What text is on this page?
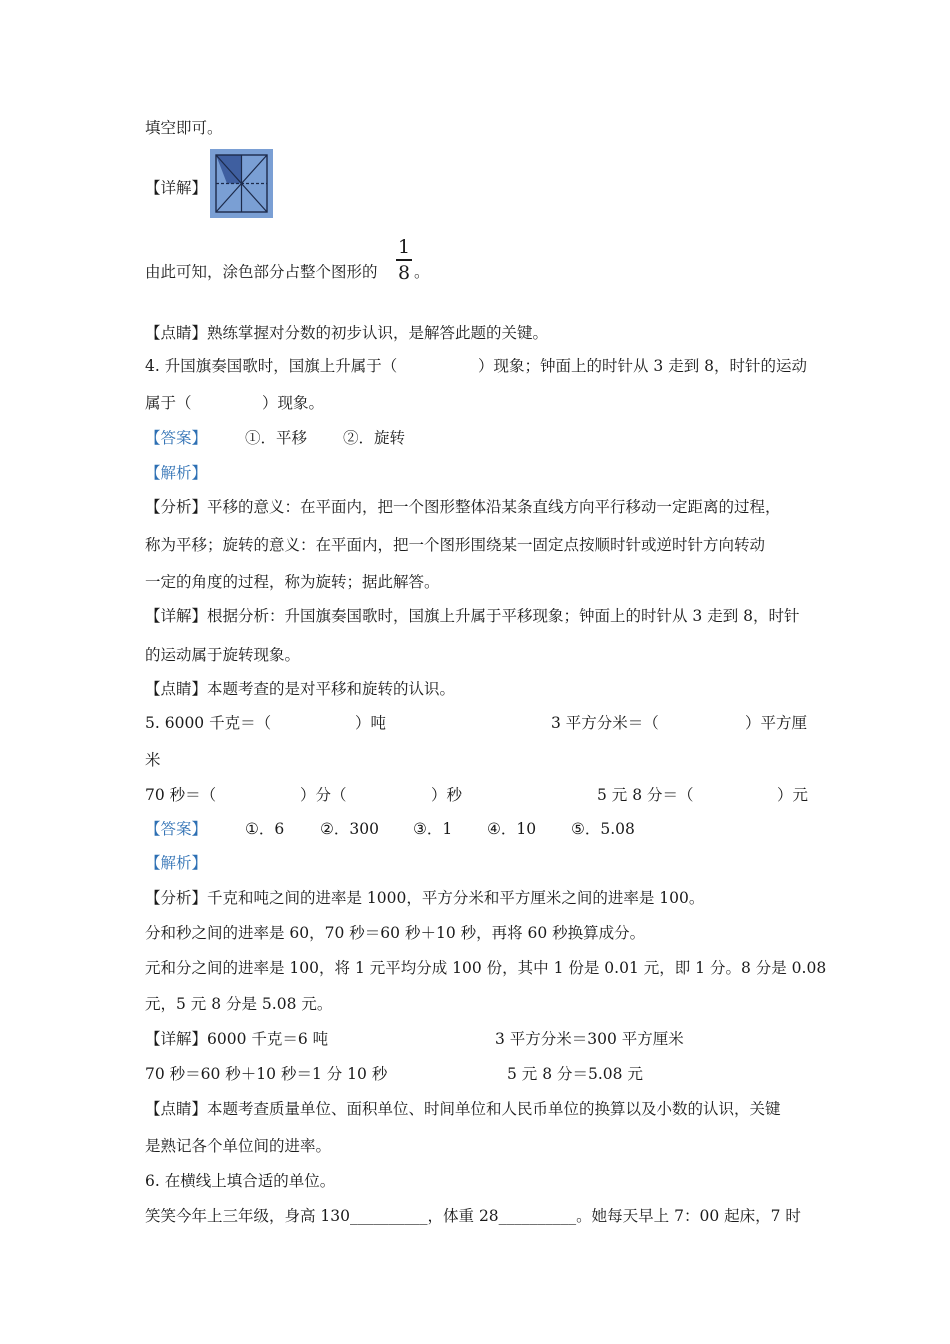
填空即可。
【详解】
由此可知，涂色部分占整个图形的
1
8 。
【点睛】熟练掌握对分数的初步认识，是解答此题的关键。
4. 升国旗奏国歌时，国旗上升属于（	）现象；钟面上的时针从 3 走到 8，时针的运动
属于（	）现象。
【答案】 ①．平移 ②．旋转
【解析】
【分析】平移的意义：在平面内，把一个图形整体沿某条直线方向平行移动一定距离的过程，
称为平移；旋转的意义：在平面内，把一个图形围绕某一固定点按顺时针或逆时针方向转动
一定的角度的过程，称为旋转；据此解答。
【详解】根据分析：升国旗奏国歌时，国旗上升属于平移现象；钟面上的时针从 3 走到 8，时针
的运动属于旋转现象。
【点睛】本题考查的是对平移和旋转的认识。
5. 6000 千克＝（	）吨	3 平方分米＝（	）平方厘
米
70 秒＝（	）分（	）秒	5 元 8 分＝（	）元
【答案】 ①．6 ②．300 ③．1 ④．10 ⑤．5.08
【解析】
【分析】千克和吨之间的进率是 1000，平方分米和平方厘米之间的进率是 100。
分和秒之间的进率是 60，70 秒＝60 秒＋10 秒，再将 60 秒换算成分。
元和分之间的进率是 100，将 1 元平均分成 100 份，其中 1 份是 0.01 元，即 1 分。8 分是 0.08
元，5 元 8 分是 5.08 元。
【详解】6000 千克＝6 吨	3 平方分米＝300 平方厘米
70 秒＝60 秒＋10 秒＝1 分 10 秒	5 元 8 分＝5.08 元
【点睛】本题考查质量单位、面积单位、时间单位和人民币单位的换算以及小数的认识，关键
是熟记各个单位间的进率。
6. 在横线上填合适的单位。
笑笑今年上三年级，身高 130__________，体重 28__________。她每天早上 7：00 起床，7 时
